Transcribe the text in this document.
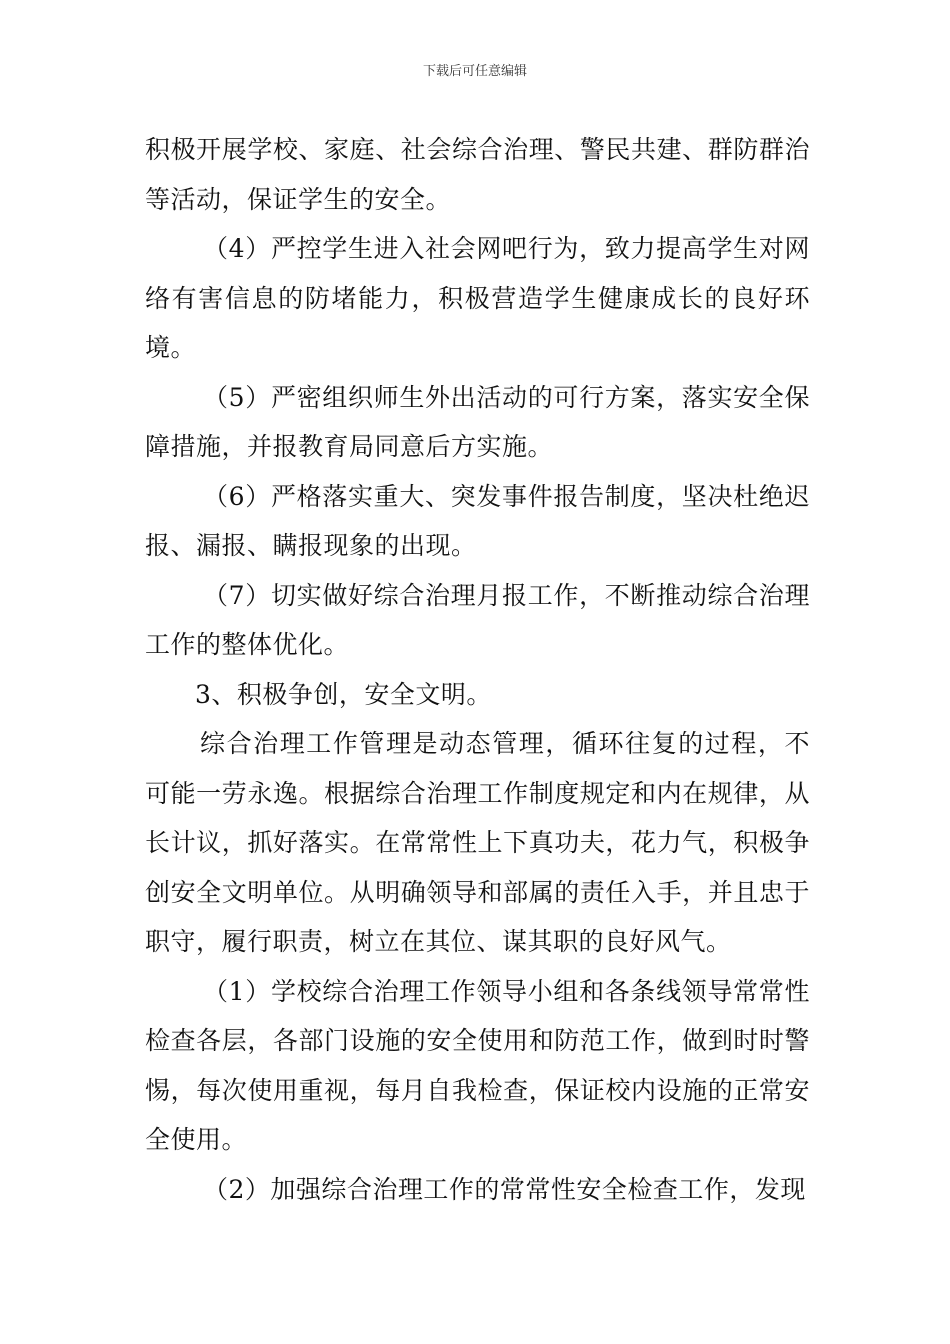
下载后可任意编辑

积极开展学校、家庭、社会综合治理、警民共建、群防群治等活动，保证学生的安全。

（4）严控学生进入社会网吧行为，致力提高学生对网络有害信息的防堵能力，积极营造学生健康成长的良好环境。

（5）严密组织师生外出活动的可行方案，落实安全保障措施，并报教育局同意后方实施。

（6）严格落实重大、突发事件报告制度，坚决杜绝迟报、漏报、瞒报现象的出现。

（7）切实做好综合治理月报工作，不断推动综合治理工作的整体优化。

3、积极争创，安全文明。

综合治理工作管理是动态管理，循环往复的过程，不可能一劳永逸。根据综合治理工作制度规定和内在规律，从长计议，抓好落实。在常常性上下真功夫，花力气，积极争创安全文明单位。从明确领导和部属的责任入手，并且忠于职守，履行职责，树立在其位、谋其职的良好风气。

（1）学校综合治理工作领导小组和各条线领导常常性检查各层，各部门设施的安全使用和防范工作，做到时时警惕，每次使用重视，每月自我检查，保证校内设施的正常安全使用。

（2）加强综合治理工作的常常性安全检查工作，发现
